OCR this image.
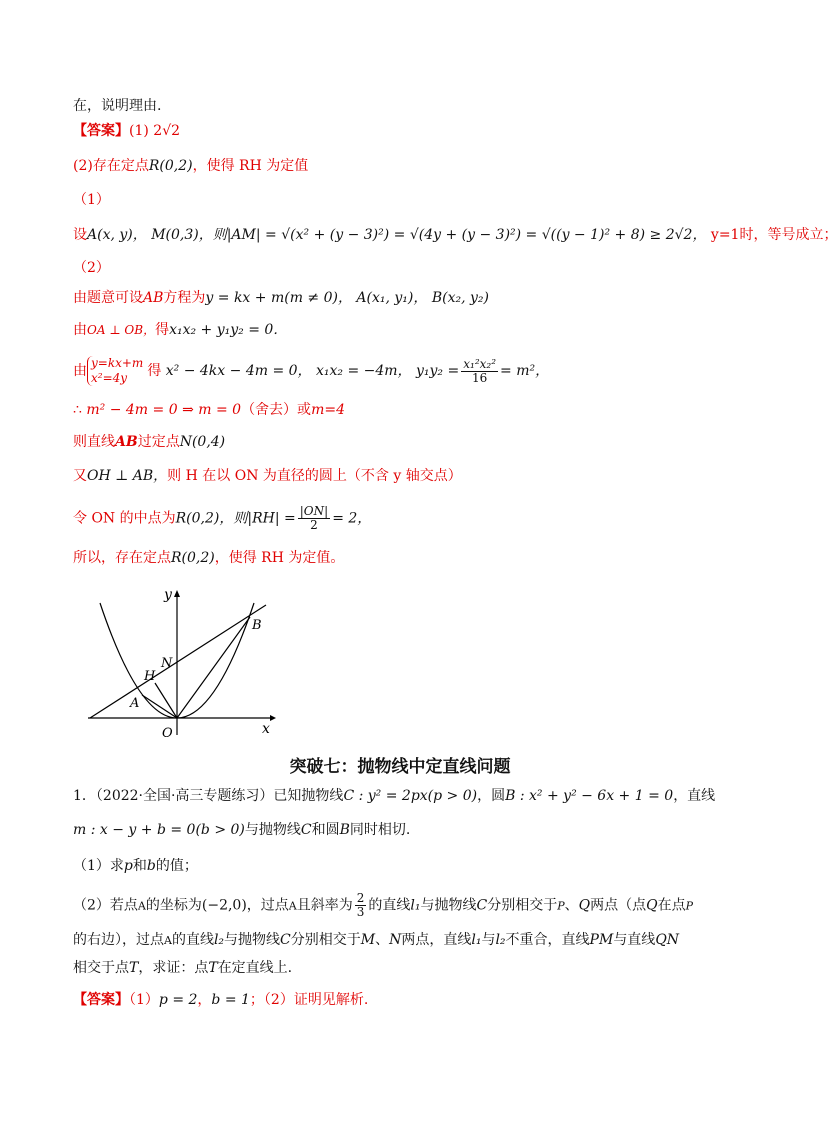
在，说明理由.
【答案】(1) 2√2
(2)存在定点R(0,2)，使得 RH 为定值
（1）
设A(x, y)， M(0,3)，则|AM| = √(x² + (y − 3)²) = √(4y + (y − 3)²) = √((y − 1)² + 8) ≥ 2√2， y=1时，等号成立；
（2）
由题意可设AB方程为y = kx + m(m ≠ 0)， A(x₁, y₁)， B(x₂, y₂)
由OA ⊥ OB，得x₁x₂ + y₁y₂ = 0．
由 y=kx+m
x²=4y	得 x² − 4kx − 4m = 0， x₁x₂ = −4m， $y_1y_2 = \frac{\text{x₁²x₂²}}{16} = m^2$，
∴ m² − 4m = 0 ⇒ m = 0（舍去）或m=4
则直线AB过定点N(0,4)
又OH ⊥ AB，则 H 在以 ON 为直径的圆上（不含 y 轴交点）
令 ON 的中点为R(0,2)，则$|RH| = \frac{|ON|}{2} = 2$，
所以，存在定点R(0,2)，使得 RH 为定值。
y
x
O
A
B
H
N
突破七：抛物线中定直线问题
1．（2022·全国·高三专题练习）已知抛物线C : y² = 2px(p > 0)，圆B : x² + y² − 6x + 1 = 0，直线
m : x − y + b = 0(b > 0)与抛物线C和圆B同时相切.
（1）求p和b的值；
（2）若点A的坐标为(−2,0)，过点A且斜率为 $\frac{2}{3}$ 的直线l₁与抛物线C分别相交于P、Q两点（点Q在点P
的右边），过点A的直线l₂与抛物线C分别相交于M、N两点，直线l₁与l₂不重合，直线PM与直线QN
相交于点T，求证：点T在定直线上.
【答案】（1）p = 2，b = 1；（2）证明见解析.
